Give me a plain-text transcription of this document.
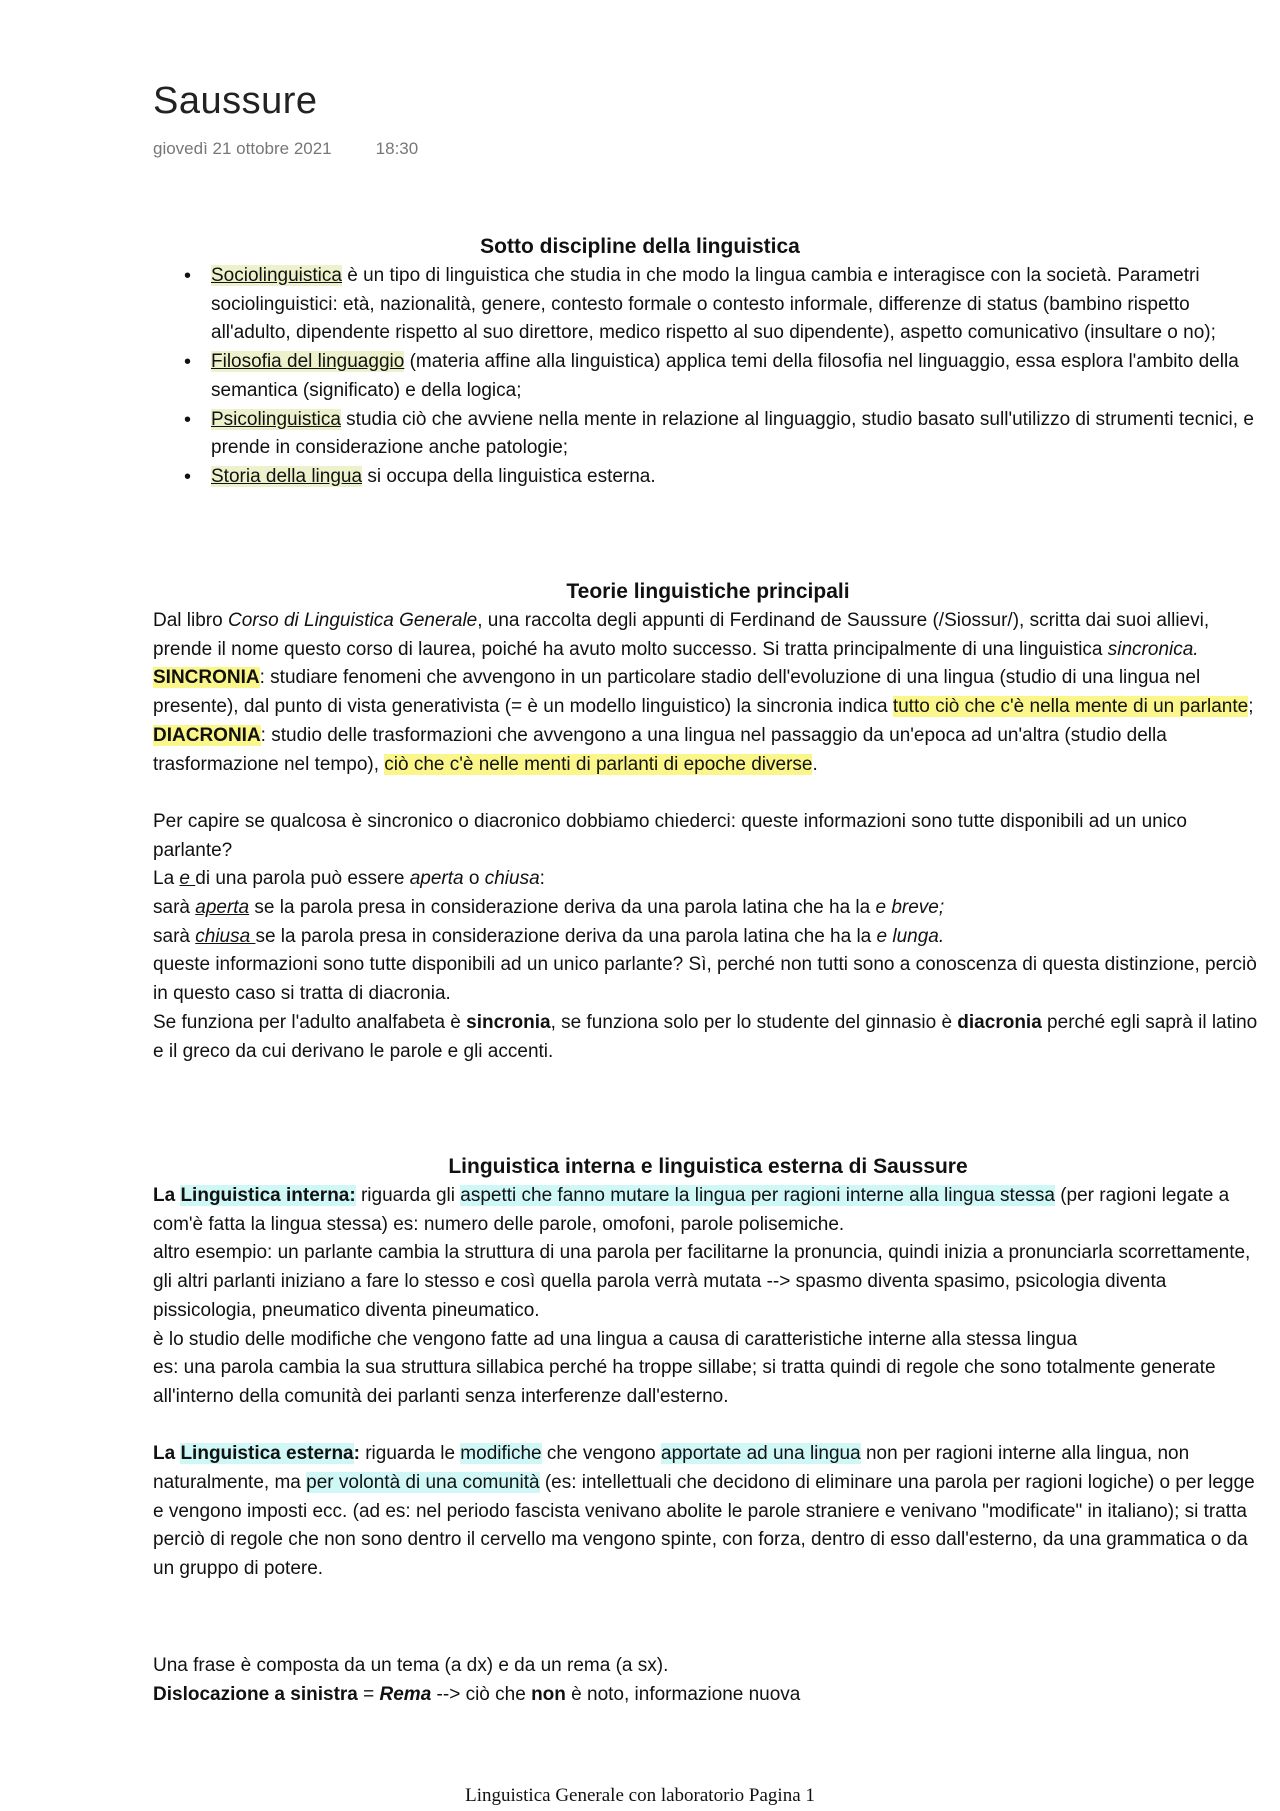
Saussure
giovedì 21 ottobre 2021	18:30
Sotto discipline della linguistica
• Sociolinguistica è un tipo di linguistica che studia in che modo la lingua cambia e interagisce con la società. Parametri sociolinguistici: età, nazionalità, genere, contesto formale o contesto informale, differenze di status (bambino rispetto all'adulto, dipendente rispetto al suo direttore, medico rispetto al suo dipendente), aspetto comunicativo (insultare o no);
• Filosofia del linguaggio (materia affine alla linguistica) applica temi della filosofia nel linguaggio, essa esplora l'ambito della semantica (significato) e della logica;
• Psicolinguistica studia ciò che avviene nella mente in relazione al linguaggio, studio basato sull'utilizzo di strumenti tecnici, e prende in considerazione anche patologie;
• Storia della lingua si occupa della linguistica esterna.
Teorie linguistiche principali
Dal libro Corso di Linguistica Generale, una raccolta degli appunti di Ferdinand de Saussure (/Siossur/), scritta dai suoi allievi, prende il nome questo corso di laurea, poiché ha avuto molto successo. Si tratta principalmente di una linguistica sincronica.
SINCRONIA: studiare fenomeni che avvengono in un particolare stadio dell'evoluzione di una lingua (studio di una lingua nel presente), dal punto di vista generativista (= è un modello linguistico) la sincronia indica tutto ciò che c'è nella mente di un parlante;
DIACRONIA: studio delle trasformazioni che avvengono a una lingua nel passaggio da un'epoca ad un'altra (studio della trasformazione nel tempo), ciò che c'è nelle menti di parlanti di epoche diverse.
Per capire se qualcosa è sincronico o diacronico dobbiamo chiederci: queste informazioni sono tutte disponibili ad un unico parlante?
La e di una parola può essere aperta o chiusa:
sarà aperta se la parola presa in considerazione deriva da una parola latina che ha la e breve;
sarà chiusa se la parola presa in considerazione deriva da una parola latina che ha la e lunga.
queste informazioni sono tutte disponibili ad un unico parlante? Sì, perché non tutti sono a conoscenza di questa distinzione, perciò in questo caso si tratta di diacronia.
Se funziona per l'adulto analfabeta è sincronia, se funziona solo per lo studente del ginnasio è diacronia perché egli saprà il latino e il greco da cui derivano le parole e gli accenti.
Linguistica interna e linguistica esterna di Saussure
La Linguistica interna: riguarda gli aspetti che fanno mutare la lingua per ragioni interne alla lingua stessa (per ragioni legate a com'è fatta la lingua stessa) es: numero delle parole, omofoni, parole polisemiche.
altro esempio: un parlante cambia la struttura di una parola per facilitarne la pronuncia, quindi inizia a pronunciarla scorrettamente, gli altri parlanti iniziano a fare lo stesso e così quella parola verrà mutata --> spasmo diventa spasimo, psicologia diventa pissicologia, pneumatico diventa pineumatico.
è lo studio delle modifiche che vengono fatte ad una lingua a causa di caratteristiche interne alla stessa lingua
es: una parola cambia la sua struttura sillabica perché ha troppe sillabe; si tratta quindi di regole che sono totalmente generate all'interno della comunità dei parlanti senza interferenze dall'esterno.
La Linguistica esterna: riguarda le modifiche che vengono apportate ad una lingua non per ragioni interne alla lingua, non naturalmente, ma per volontà di una comunità (es: intellettuali che decidono di eliminare una parola per ragioni logiche) o per legge e vengono imposti ecc. (ad es: nel periodo fascista venivano abolite le parole straniere e venivano "modificate" in italiano); si tratta perciò di regole che non sono dentro il cervello ma vengono spinte, con forza, dentro di esso dall'esterno, da una grammatica o da un gruppo di potere.
Una frase è composta da un tema (a dx) e da un rema (a sx).
Dislocazione a sinistra = Rema --> ciò che non è noto, informazione nuova
Linguistica Generale con laboratorio Pagina 1
